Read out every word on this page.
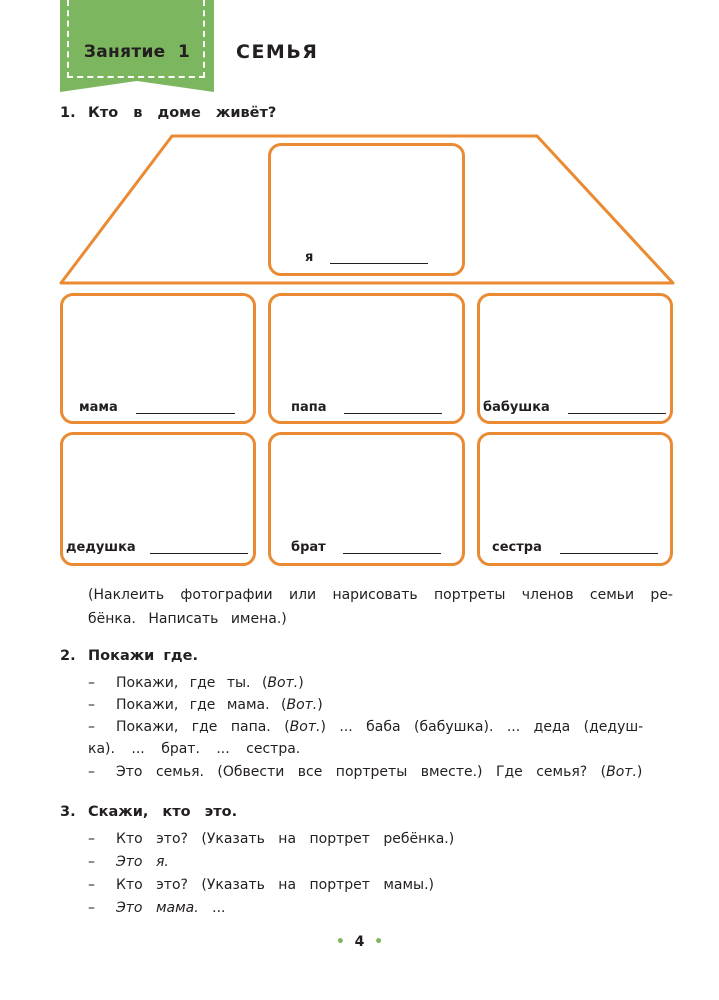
Занятие  1	СЕМЬЯ
1. Кто в доме живёт?
я
мама	папа	бабушка
дедушка	брат	сестра
(Наклеить фотографии или нарисовать портреты членов семьи ре-
бёнка. Написать имена.)
2. Покажи где.
– Покажи, где ты. (Вот.)
– Покажи, где мама. (Вот.)
– Покажи, где папа. (Вот.) ... баба (бабушка). ... деда (дедуш-
ка). ... брат. ... сестра.
– Это семья. (Обвести все портреты вместе.) Где семья? (Вот.)
3. Скажи, кто это.
– Кто это? (Указать на портрет ребёнка.)
– Это я.
– Кто это? (Указать на портрет мамы.)
– Это мама. ...
• 4 •
